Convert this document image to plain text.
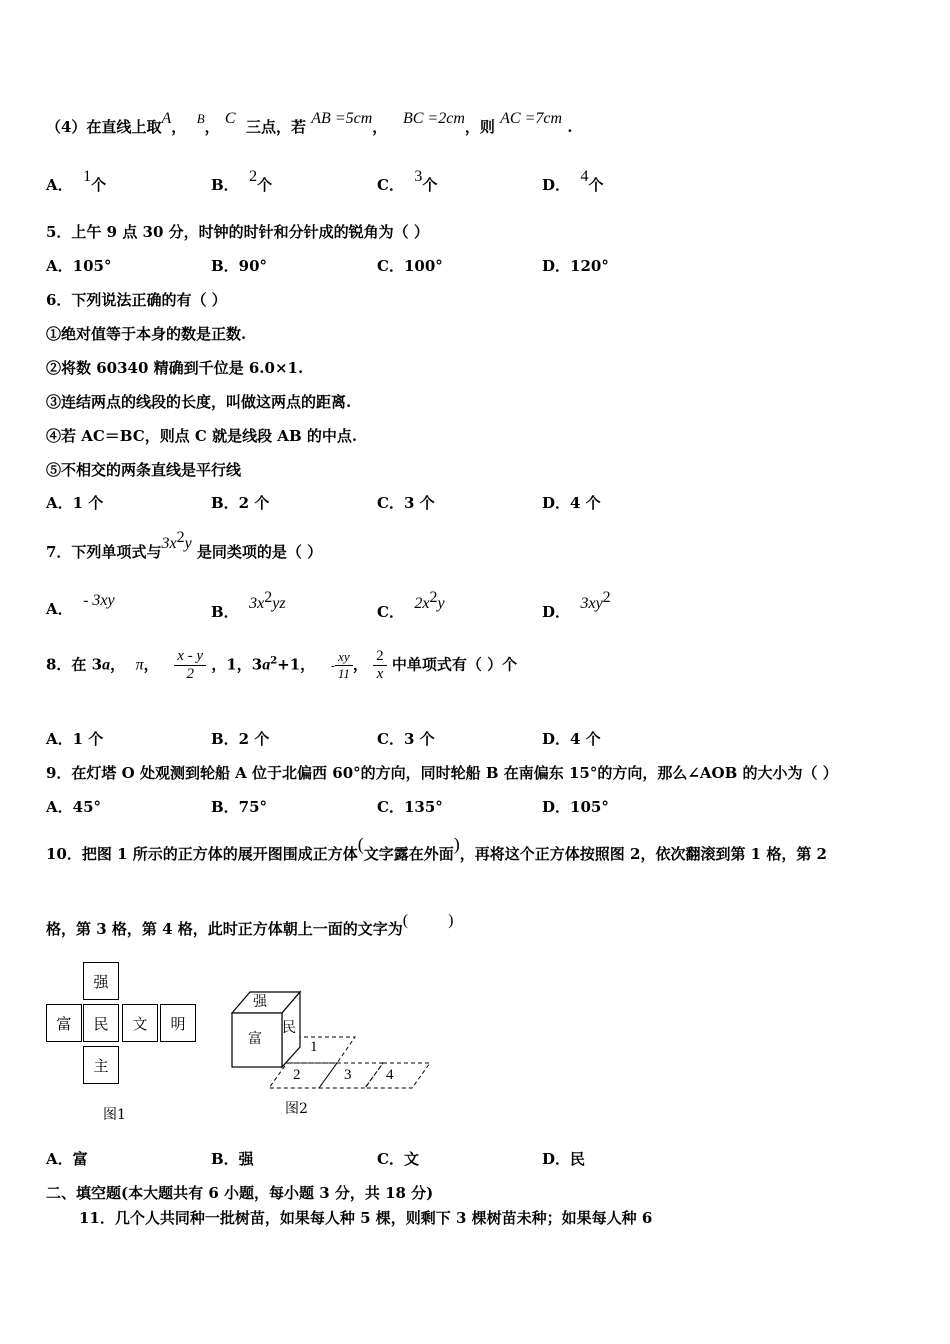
（4）在直线上取A， B， C 三点，若 AB =5cm， BC =2cm，则 AC =7cm .
A． 1个	B． 2个	C． 3个	D． 4个
5．上午 9 点 30 分，时钟的时针和分针成的锐角为（ ）
A．105°	B．90°	C．100°	D．120°
6．下列说法正确的有（ ）
①绝对值等于本身的数是正数.
②将数 60340 精确到千位是 6.0×1.
③连结两点的线段的长度，叫做这两点的距离.
④若 AC＝BC，则点 C 就是线段 AB 的中点.
⑤不相交的两条直线是平行线
A．1 个	B．2 个	C．3 个	D．4 个
7．下列单项式与$3x^2y$ 是同类项的是（ ）
A． - 3xy
B． $3x^2yz$	C． $2x^2y$	D． $3xy^2$
8．在 3a， π， $\frac{x - y}{2}$ ，1，$3a^2+1$， - $\frac{xy}{11}$ ， $\frac{2}{x}$ 中单项式有（ ）个
A．1 个	B．2 个	C．3 个	D．4 个
9．在灯塔 O 处观测到轮船 A 位于北偏西 60°的方向，同时轮船 B 在南偏东 15°的方向，那么∠AOB 的大小为（ ）
A．45°	B．75°	C．135°	D．105°
10．把图 1 所示的正方体的展开图围成正方体(文字露在外面)，再将这个正方体按照图 2，依次翻滚到第 1 格，第 2
格，第 3 格，第 4 格，此时正方体朝上一面的文字为(          )
强
富	民	文	明
主
图1
强
富
民
1
2	3 4
图2
A．富	B．强	C．文	D．民
二、填空题(本大题共有 6 小题，每小题 3 分，共 18 分)
11．几个人共同种一批树苗，如果每人种 5 棵，则剩下 3 棵树苗未种；如果每人种 6
